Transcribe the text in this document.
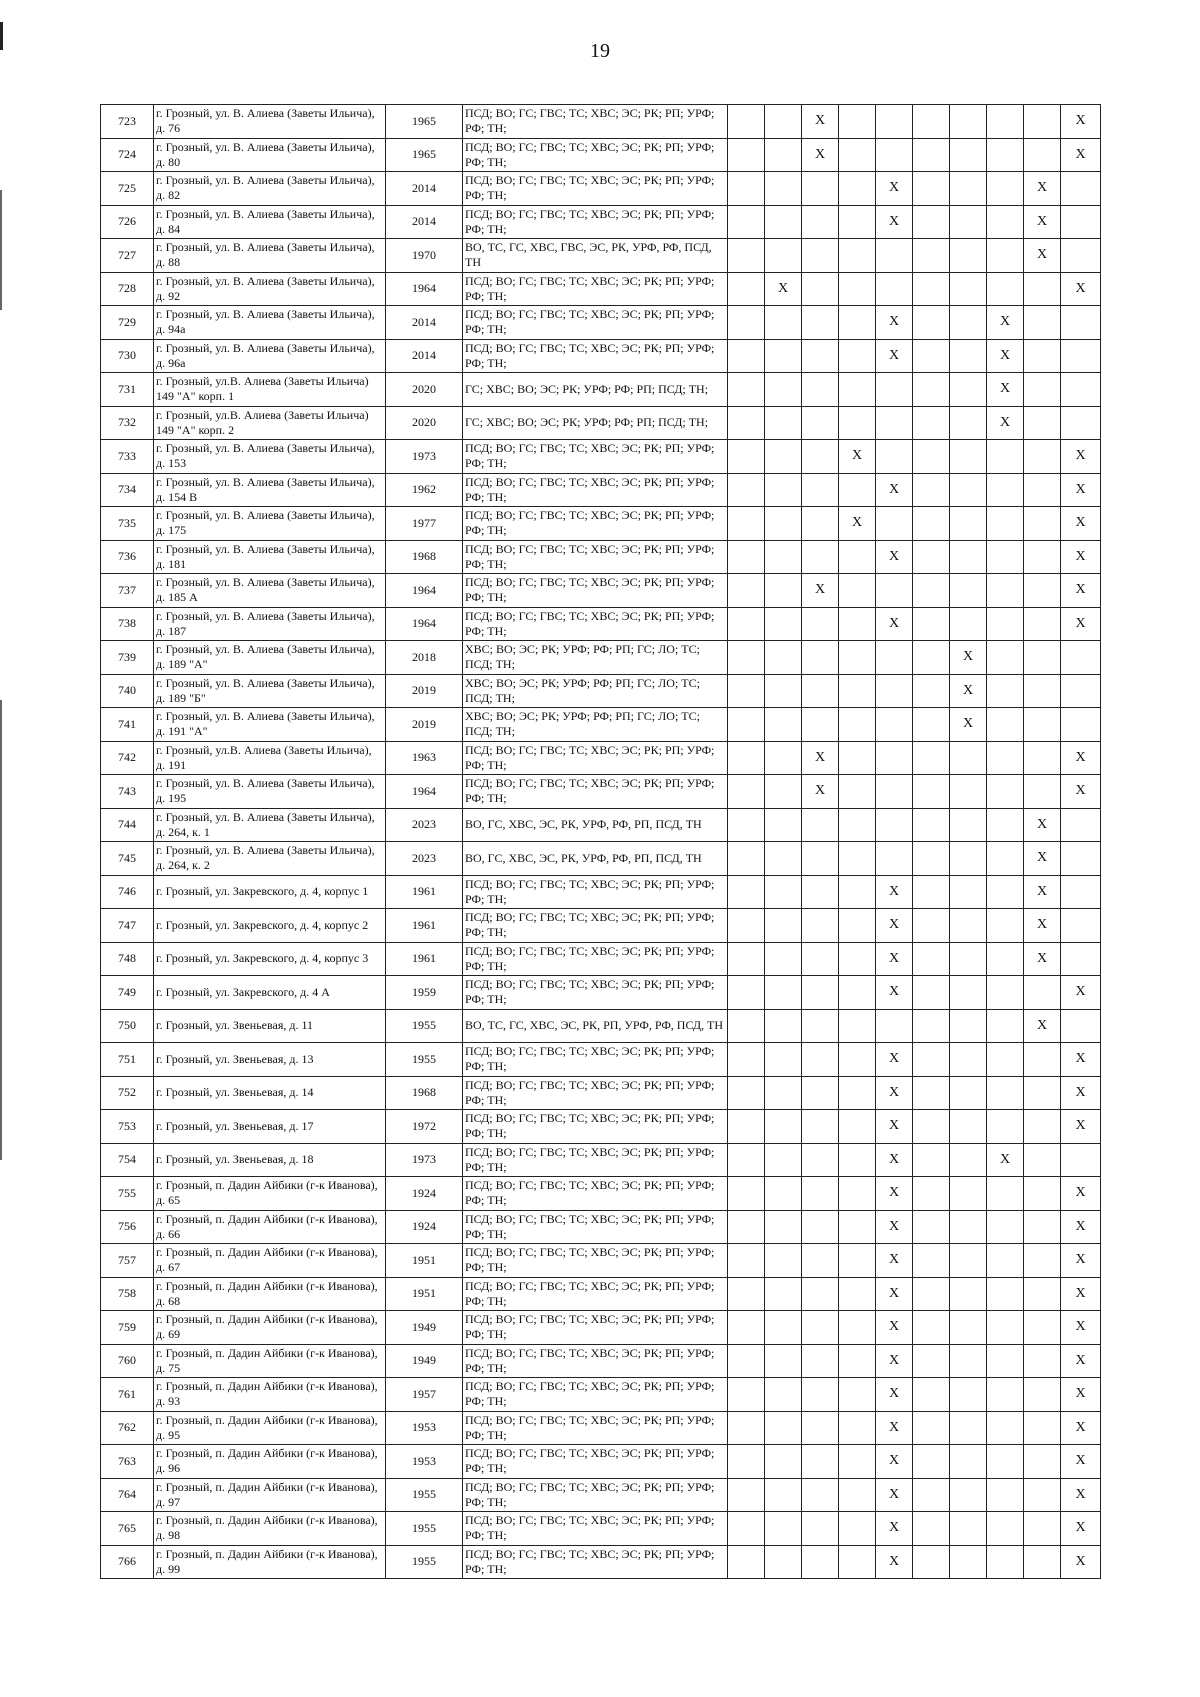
19
723	г. Грозный, ул. В. Алиева (Заветы Ильича), д. 76	1965	ПСД; ВО; ГС; ГВС; ТС; ХВС; ЭС; РК; РП; УРФ; РФ; ТН;			X							X
724	г. Грозный, ул. В. Алиева (Заветы Ильича), д. 80	1965	ПСД; ВО; ГС; ГВС; ТС; ХВС; ЭС; РК; РП; УРФ; РФ; ТН;			X							X
725	г. Грозный, ул. В. Алиева (Заветы Ильича), д. 82	2014	ПСД; ВО; ГС; ГВС; ТС; ХВС; ЭС; РК; РП; УРФ; РФ; ТН;					X				X	
726	г. Грозный, ул. В. Алиева (Заветы Ильича), д. 84	2014	ПСД; ВО; ГС; ГВС; ТС; ХВС; ЭС; РК; РП; УРФ; РФ; ТН;					X				X	
727	г. Грозный, ул. В. Алиева (Заветы Ильича), д. 88	1970	ВО, ТС, ГС, ХВС, ГВС, ЭС, РК, УРФ, РФ, ПСД, ТН									X	
728	г. Грозный, ул. В. Алиева (Заветы Ильича), д. 92	1964	ПСД; ВО; ГС; ГВС; ТС; ХВС; ЭС; РК; РП; УРФ; РФ; ТН;		X								X
729	г. Грозный, ул. В. Алиева (Заветы Ильича), д. 94а	2014	ПСД; ВО; ГС; ГВС; ТС; ХВС; ЭС; РК; РП; УРФ; РФ; ТН;					X			X		
730	г. Грозный, ул. В. Алиева (Заветы Ильича), д. 96а	2014	ПСД; ВО; ГС; ГВС; ТС; ХВС; ЭС; РК; РП; УРФ; РФ; ТН;					X			X		
731	г. Грозный, ул.В. Алиева (Заветы Ильича) 149 "А" корп. 1	2020	ГС; ХВС; ВО; ЭС; РК; УРФ; РФ; РП; ПСД; ТН;								X		
732	г. Грозный, ул.В. Алиева (Заветы Ильича) 149 "А" корп. 2	2020	ГС; ХВС; ВО; ЭС; РК; УРФ; РФ; РП; ПСД; ТН;								X		
733	г. Грозный, ул. В. Алиева (Заветы Ильича), д. 153	1973	ПСД; ВО; ГС; ГВС; ТС; ХВС; ЭС; РК; РП; УРФ; РФ; ТН;				X						X
734	г. Грозный, ул. В. Алиева (Заветы Ильича), д. 154 В	1962	ПСД; ВО; ГС; ГВС; ТС; ХВС; ЭС; РК; РП; УРФ; РФ; ТН;					X					X
735	г. Грозный, ул. В. Алиева (Заветы Ильича), д. 175	1977	ПСД; ВО; ГС; ГВС; ТС; ХВС; ЭС; РК; РП; УРФ; РФ; ТН;				X						X
736	г. Грозный, ул. В. Алиева (Заветы Ильича), д. 181	1968	ПСД; ВО; ГС; ГВС; ТС; ХВС; ЭС; РК; РП; УРФ; РФ; ТН;					X					X
737	г. Грозный, ул. В. Алиева (Заветы Ильича), д. 185 А	1964	ПСД; ВО; ГС; ГВС; ТС; ХВС; ЭС; РК; РП; УРФ; РФ; ТН;			X							X
738	г. Грозный, ул. В. Алиева (Заветы Ильича), д. 187	1964	ПСД; ВО; ГС; ГВС; ТС; ХВС; ЭС; РК; РП; УРФ; РФ; ТН;					X					X
739	г. Грозный, ул. В. Алиева (Заветы Ильича), д. 189 "А"	2018	ХВС; ВО; ЭС; РК; УРФ; РФ; РП; ГС; ЛО; ТС; ПСД; ТН;							X			
740	г. Грозный, ул. В. Алиева (Заветы Ильича), д. 189 "Б"	2019	ХВС; ВО; ЭС; РК; УРФ; РФ; РП; ГС; ЛО; ТС; ПСД; ТН;							X			
741	г. Грозный, ул. В. Алиева (Заветы Ильича), д. 191 "А"	2019	ХВС; ВО; ЭС; РК; УРФ; РФ; РП; ГС; ЛО; ТС; ПСД; ТН;							X			
742	г. Грозный, ул.В. Алиева (Заветы Ильича), д. 191	1963	ПСД; ВО; ГС; ГВС; ТС; ХВС; ЭС; РК; РП; УРФ; РФ; ТН;			X							X
743	г. Грозный, ул. В. Алиева (Заветы Ильича), д. 195	1964	ПСД; ВО; ГС; ГВС; ТС; ХВС; ЭС; РК; РП; УРФ; РФ; ТН;			X							X
744	г. Грозный, ул. В. Алиева (Заветы Ильича), д. 264, к. 1	2023	ВО, ГС, ХВС, ЭС, РК, УРФ, РФ, РП, ПСД, ТН									X	
745	г. Грозный, ул. В. Алиева (Заветы Ильича), д. 264, к. 2	2023	ВО, ГС, ХВС, ЭС, РК, УРФ, РФ, РП, ПСД, ТН									X	
746	г. Грозный, ул. Закревского, д. 4, корпус 1	1961	ПСД; ВО; ГС; ГВС; ТС; ХВС; ЭС; РК; РП; УРФ; РФ; ТН;					X				X	
747	г. Грозный, ул. Закревского, д. 4, корпус 2	1961	ПСД; ВО; ГС; ГВС; ТС; ХВС; ЭС; РК; РП; УРФ; РФ; ТН;					X				X	
748	г. Грозный, ул. Закревского, д. 4, корпус 3	1961	ПСД; ВО; ГС; ГВС; ТС; ХВС; ЭС; РК; РП; УРФ; РФ; ТН;					X				X	
749	г. Грозный, ул. Закревского, д. 4 А	1959	ПСД; ВО; ГС; ГВС; ТС; ХВС; ЭС; РК; РП; УРФ; РФ; ТН;					X					X
750	г. Грозный, ул. Звеньевая, д. 11	1955	ВО, ТС, ГС, ХВС, ЭС, РК, РП, УРФ, РФ, ПСД, ТН									X	
751	г. Грозный, ул. Звеньевая, д. 13	1955	ПСД; ВО; ГС; ГВС; ТС; ХВС; ЭС; РК; РП; УРФ; РФ; ТН;					X					X
752	г. Грозный, ул. Звеньевая, д. 14	1968	ПСД; ВО; ГС; ГВС; ТС; ХВС; ЭС; РК; РП; УРФ; РФ; ТН;					X					X
753	г. Грозный, ул. Звеньевая, д. 17	1972	ПСД; ВО; ГС; ГВС; ТС; ХВС; ЭС; РК; РП; УРФ; РФ; ТН;					X					X
754	г. Грозный, ул. Звеньевая, д. 18	1973	ПСД; ВО; ГС; ГВС; ТС; ХВС; ЭС; РК; РП; УРФ; РФ; ТН;					X			X		
755	г. Грозный, п. Дадин Айбики (г-к Иванова), д. 65	1924	ПСД; ВО; ГС; ГВС; ТС; ХВС; ЭС; РК; РП; УРФ; РФ; ТН;					X					X
756	г. Грозный, п. Дадин Айбики (г-к Иванова), д. 66	1924	ПСД; ВО; ГС; ГВС; ТС; ХВС; ЭС; РК; РП; УРФ; РФ; ТН;					X					X
757	г. Грозный, п. Дадин Айбики (г-к Иванова), д. 67	1951	ПСД; ВО; ГС; ГВС; ТС; ХВС; ЭС; РК; РП; УРФ; РФ; ТН;					X					X
758	г. Грозный, п. Дадин Айбики (г-к Иванова), д. 68	1951	ПСД; ВО; ГС; ГВС; ТС; ХВС; ЭС; РК; РП; УРФ; РФ; ТН;					X					X
759	г. Грозный, п. Дадин Айбики (г-к Иванова), д. 69	1949	ПСД; ВО; ГС; ГВС; ТС; ХВС; ЭС; РК; РП; УРФ; РФ; ТН;					X					X
760	г. Грозный, п. Дадин Айбики (г-к Иванова), д. 75	1949	ПСД; ВО; ГС; ГВС; ТС; ХВС; ЭС; РК; РП; УРФ; РФ; ТН;					X					X
761	г. Грозный, п. Дадин Айбики (г-к Иванова), д. 93	1957	ПСД; ВО; ГС; ГВС; ТС; ХВС; ЭС; РК; РП; УРФ; РФ; ТН;					X					X
762	г. Грозный, п. Дадин Айбики (г-к Иванова), д. 95	1953	ПСД; ВО; ГС; ГВС; ТС; ХВС; ЭС; РК; РП; УРФ; РФ; ТН;					X					X
763	г. Грозный, п. Дадин Айбики (г-к Иванова), д. 96	1953	ПСД; ВО; ГС; ГВС; ТС; ХВС; ЭС; РК; РП; УРФ; РФ; ТН;					X					X
764	г. Грозный, п. Дадин Айбики (г-к Иванова), д. 97	1955	ПСД; ВО; ГС; ГВС; ТС; ХВС; ЭС; РК; РП; УРФ; РФ; ТН;					X					X
765	г. Грозный, п. Дадин Айбики (г-к Иванова), д. 98	1955	ПСД; ВО; ГС; ГВС; ТС; ХВС; ЭС; РК; РП; УРФ; РФ; ТН;					X					X
766	г. Грозный, п. Дадин Айбики (г-к Иванова), д. 99	1955	ПСД; ВО; ГС; ГВС; ТС; ХВС; ЭС; РК; РП; УРФ; РФ; ТН;					X					X
